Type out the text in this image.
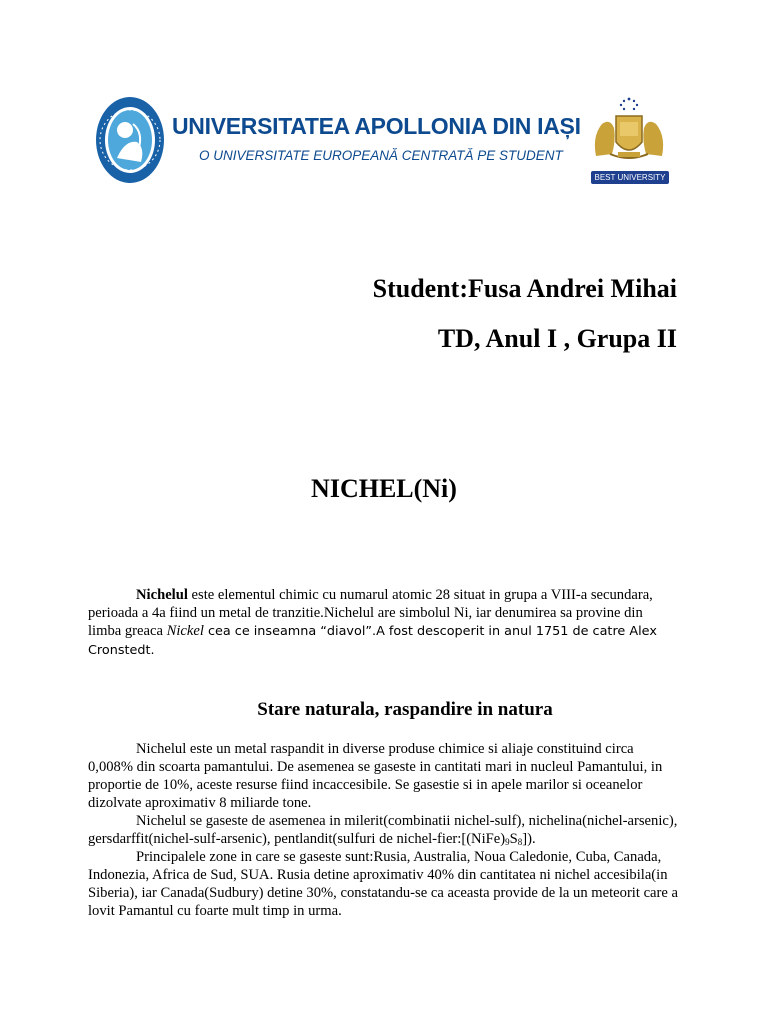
UNIVERSITATEA APOLLONIA DIN IAȘI
O UNIVERSITATE EUROPEANĂ CENTRATĂ PE STUDENT
BEST UNIVERSITY
Student:Fusa Andrei Mihai
TD, Anul I , Grupa II
NICHEL(Ni)
Nichelul este elementul chimic cu numarul atomic 28 situat in grupa a VIII-a secundara, perioada a 4a fiind un metal de tranzitie.Nichelul are simbolul Ni, iar denumirea sa provine din limba greaca Nickel cea ce inseamna “diavol”.A fost descoperit in anul 1751 de catre Alex Cronstedt.
Stare naturala, raspandire in natura

Nichelul este un metal raspandit in diverse produse chimice si aliaje constituind circa 0,008% din scoarta pamantului. De asemenea se gaseste in cantitati mari in nucleul Pamantului, in proportie de 10%, aceste resurse fiind incaccesibile. Se gasestie si in apele marilor si oceanelor dizolvate aproximativ 8 miliarde tone.

Nichelul se gaseste de asemenea in milerit(combinatii nichel-sulf), nichelina(nichel-arsenic), gersdarffit(nichel-sulf-arsenic), pentlandit(sulfuri de nichel-$fier:[(NiFe)_9S_8]$).

Principalele zone in care se gaseste sunt:Rusia, Australia, Noua Caledonie, Cuba, Canada, Indonezia, Africa de Sud, SUA. Rusia detine aproximativ 40% din cantitatea ni nichel accesibila(in Siberia), iar Canada(Sudbury) detine 30%, constatandu-se ca aceasta provide de la un meteorit care a lovit Pamantul cu foarte mult timp in urma.
